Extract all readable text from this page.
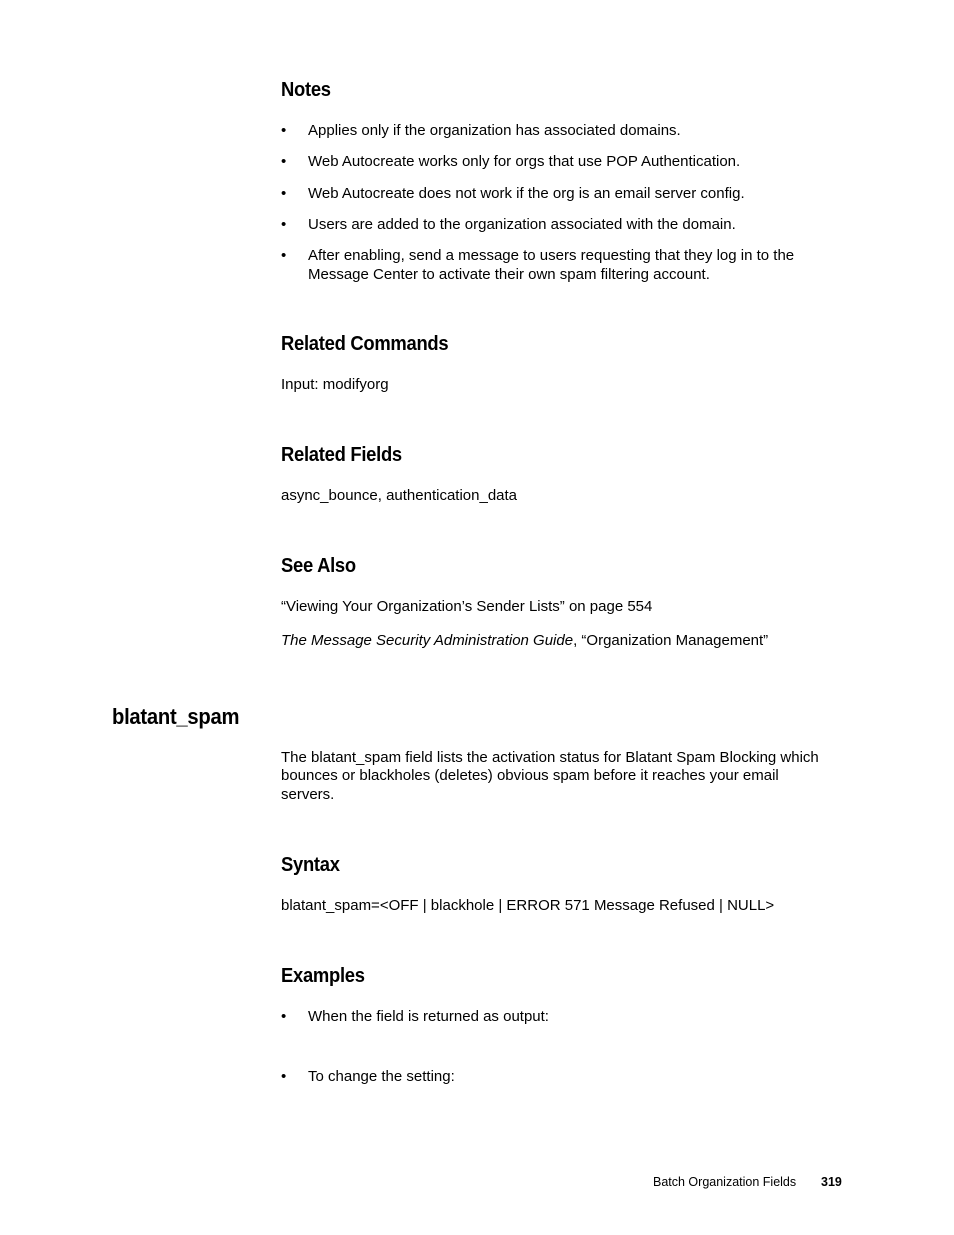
Notes
• Applies only if the organization has associated domains.
• Web Autocreate works only for orgs that use POP Authentication.
• Web Autocreate does not work if the org is an email server config.
• Users are added to the organization associated with the domain.
• After enabling, send a message to users requesting that they log in to the
Message Center to activate their own spam filtering account.
Related Commands
Input: modifyorg
Related Fields
async_bounce, authentication_data
See Also
“Viewing Your Organization’s Sender Lists” on page 554
The Message Security Administration Guide, “Organization Management”
blatant_spam
The blatant_spam field lists the activation status for Blatant Spam Blocking which
bounces or blackholes (deletes) obvious spam before it reaches your email
servers.
Syntax
blatant_spam=<OFF | blackhole | ERROR 571 Message Refused | NULL>
Examples
• When the field is returned as output:
• To change the setting:
Batch Organization Fields 319
